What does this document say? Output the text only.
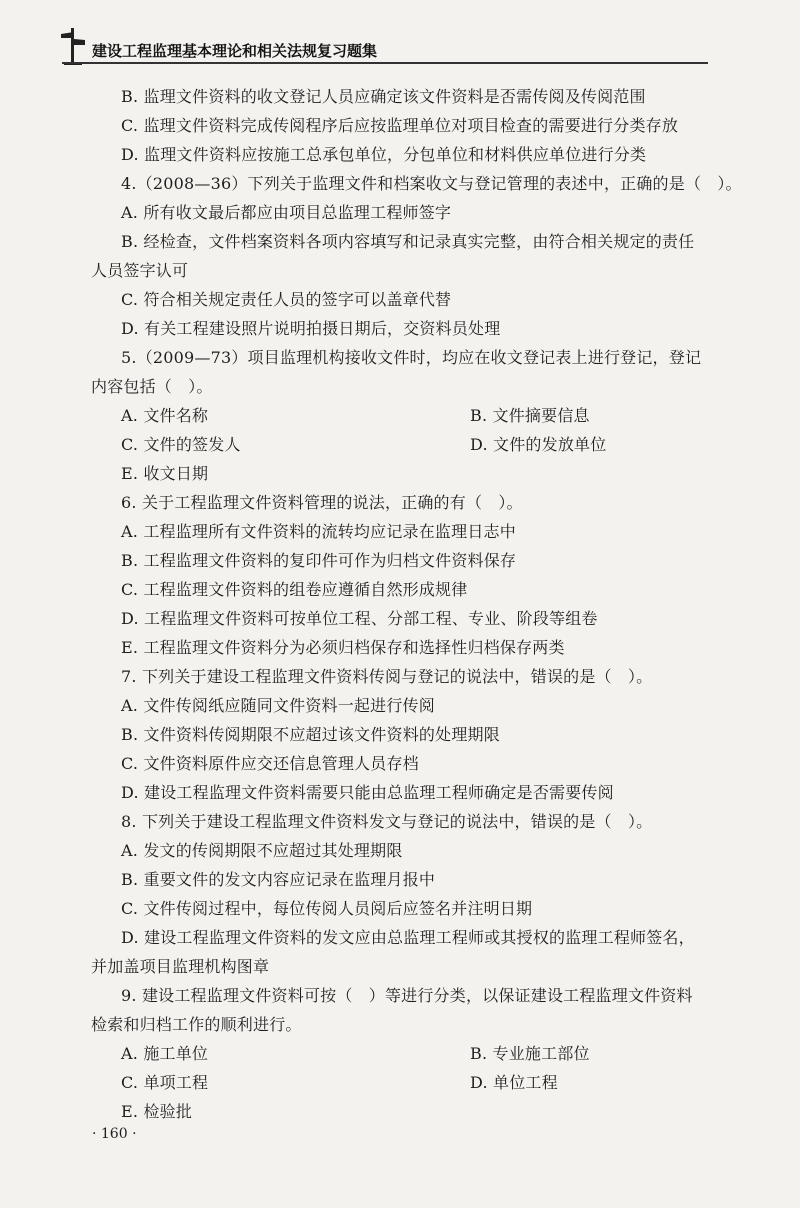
建设工程监理基本理论和相关法规复习题集
B. 监理文件资料的收文登记人员应确定该文件资料是否需传阅及传阅范围
C. 监理文件资料完成传阅程序后应按监理单位对项目检查的需要进行分类存放
D. 监理文件资料应按施工总承包单位，分包单位和材料供应单位进行分类
4.（2008—36）下列关于监理文件和档案收文与登记管理的表述中，正确的是（　）。
A. 所有收文最后都应由项目总监理工程师签字
B. 经检查，文件档案资料各项内容填写和记录真实完整，由符合相关规定的责任
人员签字认可
C. 符合相关规定责任人员的签字可以盖章代替
D. 有关工程建设照片说明拍摄日期后，交资料员处理
5.（2009—73）项目监理机构接收文件时，均应在收文登记表上进行登记，登记
内容包括（　）。
A. 文件名称	B. 文件摘要信息
C. 文件的签发人	D. 文件的发放单位
E. 收文日期
6. 关于工程监理文件资料管理的说法，正确的有（　）。
A. 工程监理所有文件资料的流转均应记录在监理日志中
B. 工程监理文件资料的复印件可作为归档文件资料保存
C. 工程监理文件资料的组卷应遵循自然形成规律
D. 工程监理文件资料可按单位工程、分部工程、专业、阶段等组卷
E. 工程监理文件资料分为必须归档保存和选择性归档保存两类
7. 下列关于建设工程监理文件资料传阅与登记的说法中，错误的是（　）。
A. 文件传阅纸应随同文件资料一起进行传阅
B. 文件资料传阅期限不应超过该文件资料的处理期限
C. 文件资料原件应交还信息管理人员存档
D. 建设工程监理文件资料需要只能由总监理工程师确定是否需要传阅
8. 下列关于建设工程监理文件资料发文与登记的说法中，错误的是（　）。
A. 发文的传阅期限不应超过其处理期限
B. 重要文件的发文内容应记录在监理月报中
C. 文件传阅过程中，每位传阅人员阅后应签名并注明日期
D. 建设工程监理文件资料的发文应由总监理工程师或其授权的监理工程师签名，
并加盖项目监理机构图章
9. 建设工程监理文件资料可按（　）等进行分类，以保证建设工程监理文件资料
检索和归档工作的顺利进行。
A. 施工单位	B. 专业施工部位
C. 单项工程	D. 单位工程
E. 检验批
· 160 ·
